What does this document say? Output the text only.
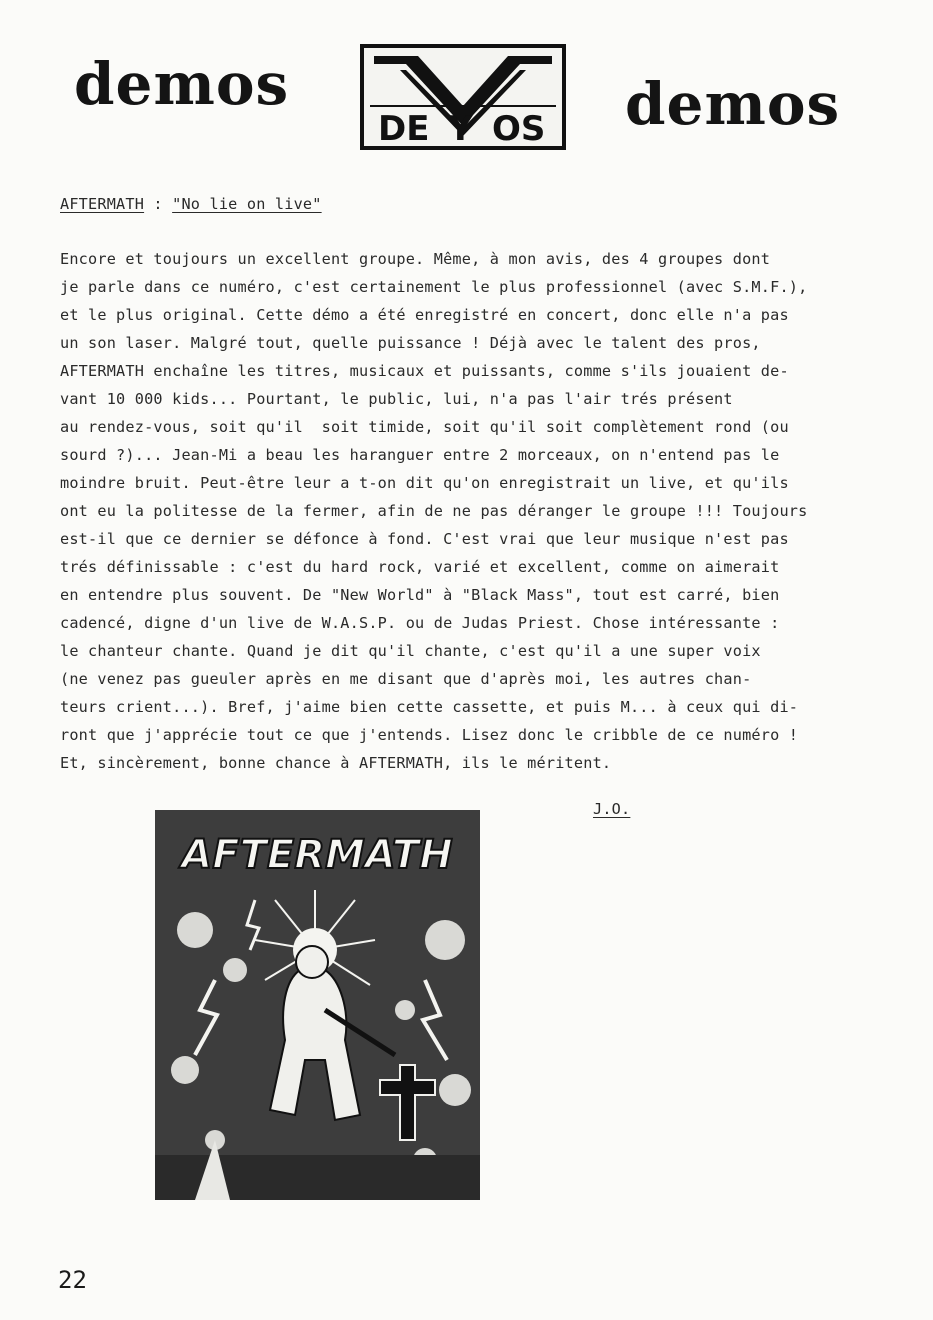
demos
DE Y OS demos
AFTERMATH : "No lie on live"
Encore et toujours un excellent groupe. Même, à mon avis, des 4 groupes dont
je parle dans ce numéro, c'est certainement le plus professionnel (avec S.M.F.),
et le plus original. Cette démo a été enregistré en concert, donc elle n'a pas
un son laser. Malgré tout, quelle puissance ! Déjà avec le talent des pros,
AFTERMATH enchaîne les titres, musicaux et puissants, comme s'ils jouaient de-
vant 10 000 kids... Pourtant, le public, lui, n'a pas l'air trés présent
au rendez-vous, soit qu'il  soit timide, soit qu'il soit complètement rond (ou
sourd ?)... Jean-Mi a beau les haranguer entre 2 morceaux, on n'entend pas le
moindre bruit. Peut-être leur a t-on dit qu'on enregistrait un live, et qu'ils
ont eu la politesse de la fermer, afin de ne pas déranger le groupe !!! Toujours
est-il que ce dernier se défonce à fond. C'est vrai que leur musique n'est pas
trés définissable : c'est du hard rock, varié et excellent, comme on aimerait
en entendre plus souvent. De "New World" à "Black Mass", tout est carré, bien
cadencé, digne d'un live de W.A.S.P. ou de Judas Priest. Chose intéressante :
le chanteur chante. Quand je dit qu'il chante, c'est qu'il a une super voix
(ne venez pas gueuler après en me disant que d'après moi, les autres chan-
teurs crient...). Bref, j'aime bien cette cassette, et puis M... à ceux qui di-
ront que j'apprécie tout ce que j'entends. Lisez donc le cribble de ce numéro !
Et, sincèrement, bonne chance à AFTERMATH, ils le méritent.
J.O.
AFTERMATH
22
